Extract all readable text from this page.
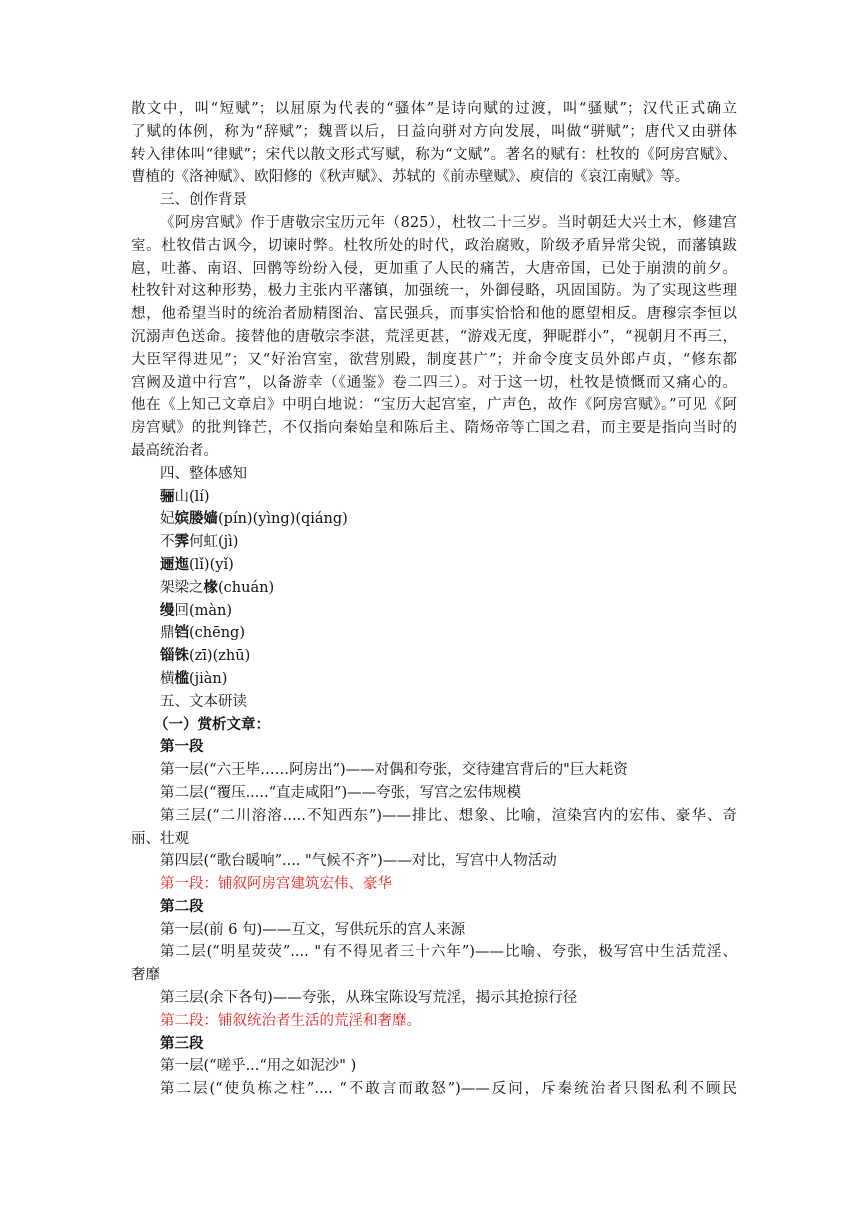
散文中，叫“短赋”；以屈原为代表的“骚体”是诗向赋的过渡，叫“骚赋”；汉代正式确立
了赋的体例，称为“辞赋”；魏晋以后，日益向骈对方向发展，叫做“骈赋”；唐代又由骈体
转入律体叫“律赋”；宋代以散文形式写赋，称为“文赋”。著名的赋有：杜牧的《阿房宫赋》、
曹植的《洛神赋》、欧阳修的《秋声赋》、苏轼的《前赤壁赋》、庾信的《哀江南赋》等。
三、创作背景
《阿房宫赋》作于唐敬宗宝历元年（825），杜牧二十三岁。当时朝廷大兴土木，修建宫
室。杜牧借古讽今，切谏时弊。杜牧所处的时代，政治腐败，阶级矛盾异常尖锐，而藩镇跋
扈，吐蕃、南诏、回鹘等纷纷入侵，更加重了人民的痛苦，大唐帝国，已处于崩溃的前夕。
杜牧针对这种形势，极力主张内平藩镇，加强统一，外御侵略，巩固国防。为了实现这些理
想，他希望当时的统治者励精图治、富民强兵，而事实恰恰和他的愿望相反。唐穆宗李恒以
沉溺声色送命。接替他的唐敬宗李湛，荒淫更甚，“游戏无度，狎昵群小”，“视朝月不再三，
大臣罕得进见”；又“好治宫室，欲营别殿，制度甚广”；并命令度支员外郎卢贞，“修东都
宫阙及道中行宫”，以备游幸（《通鉴》卷二四三）。对于这一切，杜牧是愤慨而又痛心的。
他在《上知己文章启》中明白地说：“宝历大起宫室，广声色，故作《阿房宫赋》。”可见《阿
房宫赋》的批判锋芒，不仅指向秦始皇和陈后主、隋炀帝等亡国之君，而主要是指向当时的
最高统治者。
四、整体感知
骊山(lí)
妃嫔媵嫱(pín)(yìng)(qiáng)
不霁何虹(jì)
逦迤(lǐ)(yǐ)
架梁之椽(chuán)
缦回(màn)
鼎铛(chēng)
锱铢(zī)(zhū)
横槛(jiàn)
五、文本研读
（一）赏析文章：
第一段
第一层(“六王毕……阿房出”)——对偶和夸张，交待建宫背后的"巨大耗资
第二层(“覆压.....“直走咸阳”)——夸张，写宫之宏伟规模
第三层(“二川溶溶.....不知西东”)——排比、想象、比喻，渲染宫内的宏伟、豪华、奇
丽、壮观
第四层(“歌台暖响”.... "气候不齐”)——对比，写宫中人物活动
第一段：铺叙阿房宫建筑宏伟、豪华
第二段
第一层(前 6 句)——互文，写供玩乐的宫人来源
第二层(“明星荧荧”.... "有不得见者三十六年”)——比喻、夸张，极写宫中生活荒淫、
奢靡
第三层(余下各句)——夸张，从珠宝陈设写荒淫，揭示其抢掠行径
第二段：铺叙统治者生活的荒淫和奢靡。
第三段
第一层(“嗟乎...“用之如泥沙" )
第二层(“使负栋之柱”.... “不敢言而敢怒”)——反问，斥秦统治者只图私利不顾民
